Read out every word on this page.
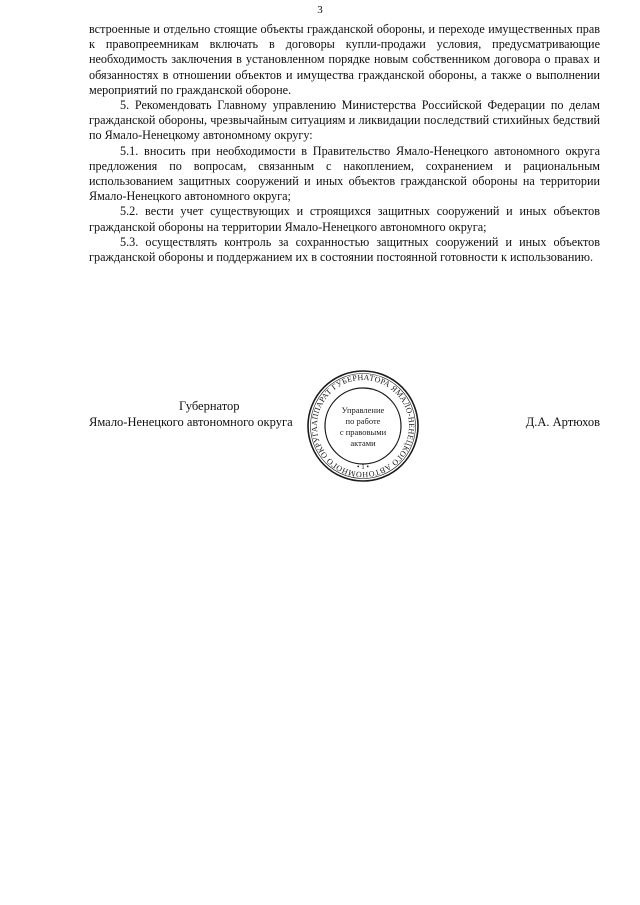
3

встроенные и отдельно стоящие объекты гражданской обороны, и переходе имущественных прав к правопреемникам включать в договоры купли-продажи условия, предусматривающие необходимость заключения в установленном порядке новым собственником договора о правах и обязанностях в отношении объектов и имущества гражданской обороны, а также о выполнении мероприятий по гражданской обороне.

5. Рекомендовать Главному управлению Министерства Российской Федерации по делам гражданской обороны, чрезвычайным ситуациям и ликвидации последствий стихийных бедствий по Ямало-Ненецкому автономному округу:

5.1. вносить при необходимости в Правительство Ямало-Ненецкого автономного округа предложения по вопросам, связанным с накоплением, сохранением и рациональным использованием защитных сооружений и иных объектов гражданской обороны на территории Ямало-Ненецкого автономного округа;

5.2. вести учет существующих и строящихся защитных сооружений и иных объектов гражданской обороны на территории Ямало-Ненецкого автономного округа;

5.3. осуществлять контроль за сохранностью защитных сооружений и иных объектов гражданской обороны и поддержанием их в состоянии постоянной готовности к использованию.

Губернатор
Ямало-Ненецкого автономного округа	Д.А. Артюхов
АППАРАТ ГУБЕРНАТОРА ЯМАЛО-НЕНЕЦКОГО АВТОНОМНОГО ОКРУГА
• 1 •
Управление
по работе
с правовыми
актами
